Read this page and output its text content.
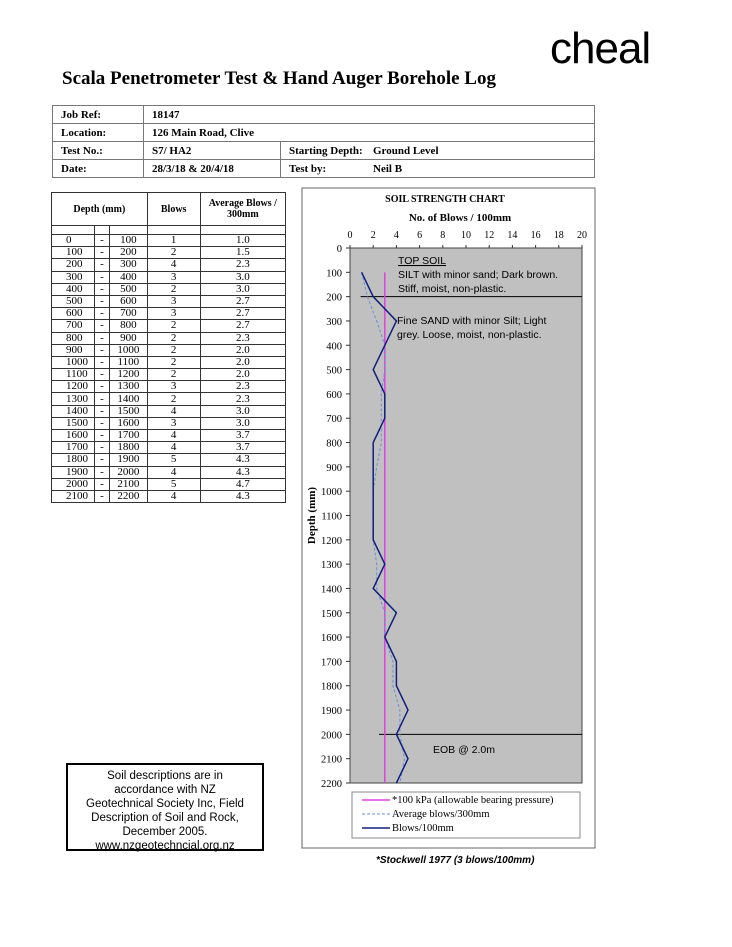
cheal
Scala Penetrometer Test & Hand Auger Borehole Log
Job Ref:	18147		
Location:	126 Main Road, Clive		
Test No.:	S7/ HA2	Starting Depth:	Ground Level
Date:	28/3/18 & 20/4/18	Test by:	Neil B
Depth (mm)			Blows	Average Blows / 300mm

0	-	100	1	1.0
100	-	200	2	1.5
200	-	300	4	2.3
300	-	400	3	3.0
400	-	500	2	3.0
500	-	600	3	2.7
600	-	700	3	2.7
700	-	800	2	2.7
800	-	900	2	2.3
900	-	1000	2	2.0
1000	-	1100	2	2.0
1100	-	1200	2	2.0
1200	-	1300	3	2.3
1300	-	1400	2	2.3
1400	-	1500	4	3.0
1500	-	1600	3	3.0
1600	-	1700	4	3.7
1700	-	1800	4	3.7
1800	-	1900	5	4.3
1900	-	2000	4	4.3
2000	-	2100	5	4.7
2100	-	2200	4	4.3
Soil descriptions are in
accordance with NZ
Geotechnical Society Inc, Field
Description of Soil and Rock,
December 2005.
www.nzgeotechncial.org.nz
*Stockwell 1977 (3 blows/100mm)
SOIL STRENGTH CHART
No. of Blows / 100mm
0 2 4 6 8 10 12 14 16 18 20
0
100
200
300
400
500
600
700
800
900
1000
1100
1200
1300
1400
1500
1600
1700
1800
1900
2000
2100
2200
Depth (mm)
TOP SOIL
SILT with minor sand; Dark brown.
Stiff, moist, non-plastic.
Fine SAND with minor Silt; Light
grey. Loose, moist, non-plastic.
EOB @ 2.0m
*100 kPa (allowable bearing pressure)
Average blows/300mm
Blows/100mm
